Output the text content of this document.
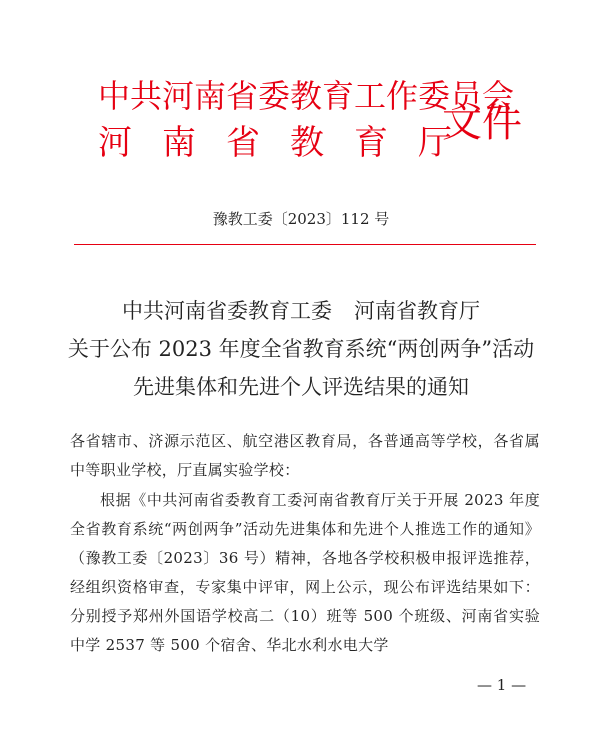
中共河南省委教育工作委员会
河南省教育厅
文件
豫教工委〔2023〕112 号
中共河南省委教育工委 河南省教育厅
关于公布 2023 年度全省教育系统“两创两争”活动
先进集体和先进个人评选结果的通知
各省辖市、济源示范区、航空港区教育局，各普通高等学校，各省属中等职业学校，厅直属实验学校：
根据《中共河南省委教育工委河南省教育厅关于开展 2023 年度全省教育系统“两创两争”活动先进集体和先进个人推选工作的通知》（豫教工委〔2023〕36 号）精神，各地各学校积极申报评选推荐，经组织资格审查，专家集中评审，网上公示，现公布评选结果如下：分别授予郑州外国语学校高二（10）班等 500 个班级、河南省实验中学 2537 等 500 个宿舍、华北水利水电大学
— 1 —
